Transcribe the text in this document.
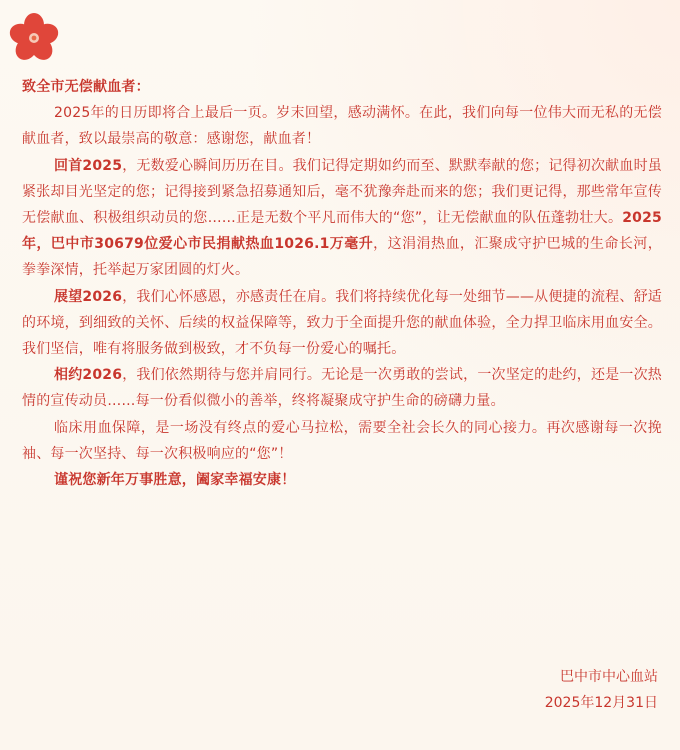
致全市无偿献血者：

2025年的日历即将合上最后一页。岁末回望，感动满怀。在此，我们向每一位伟大而无私的无偿献血者，致以最崇高的敬意：感谢您，献血者！

回首2025，无数爱心瞬间历历在目。我们记得定期如约而至、默默奉献的您；记得初次献血时虽紧张却目光坚定的您；记得接到紧急招募通知后，毫不犹豫奔赴而来的您；我们更记得，那些常年宣传无偿献血、积极组织动员的您……正是无数个平凡而伟大的“您”，让无偿献血的队伍蓬勃壮大。2025年，巴中市30679位爱心市民捐献热血1026.1万毫升，这涓涓热血，汇聚成守护巴城的生命长河，拳拳深情，托举起万家团圆的灯火。

展望2026，我们心怀感恩，亦感责任在肩。我们将持续优化每一处细节——从便捷的流程、舒适的环境，到细致的关怀、后续的权益保障等，致力于全面提升您的献血体验，全力捍卫临床用血安全。我们坚信，唯有将服务做到极致，才不负每一份爱心的嘱托。

相约2026，我们依然期待与您并肩同行。无论是一次勇敢的尝试，一次坚定的赴约，还是一次热情的宣传动员……每一份看似微小的善举，终将凝聚成守护生命的磅礴力量。

临床用血保障，是一场没有终点的爱心马拉松，需要全社会长久的同心接力。再次感谢每一次挽袖、每一次坚持、每一次积极响应的“您”！

谨祝您新年万事胜意，阖家幸福安康！

巴中市中心血站
2025年12月31日
